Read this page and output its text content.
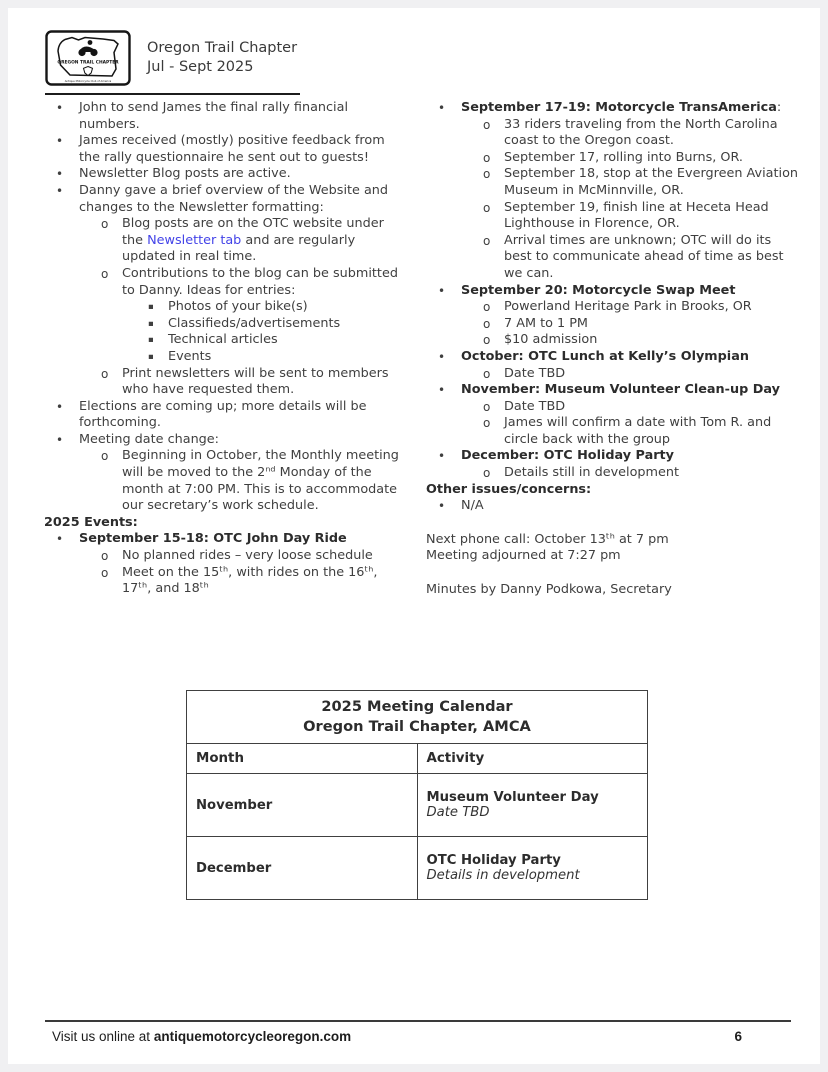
OREGON TRAIL CHAPTER
Antique Motorcycle Club of America
Oregon Trail Chapter
Jul - Sept 2025
•	John to send James the final rally financial numbers.
•	James received (mostly) positive feedback from the rally questionnaire he sent out to guests!
•	Newsletter Blog posts are active.
•	Danny gave a brief overview of the Website and changes to the Newsletter formatting:
o	Blog posts are on the OTC website under the Newsletter tab and are regularly updated in real time.
o	Contributions to the blog can be submitted to Danny. Ideas for entries:
▪	Photos of your bike(s)
▪	Classifieds/advertisements
▪	Technical articles
▪	Events
o	Print newsletters will be sent to members who have requested them.
•	Elections are coming up; more details will be forthcoming.
•	Meeting date change:
o	Beginning in October, the Monthly meeting will be moved to the 2ⁿᵈ Monday of the month at 7:00 PM. This is to accommodate our secretary’s work schedule.
2025 Events:
•	September 15-18: OTC John Day Ride
o	No planned rides – very loose schedule
o	Meet on the 15ᵗʰ, with rides on the 16ᵗʰ, 17ᵗʰ, and 18ᵗʰ
•	September 17-19: Motorcycle TransAmerica:
o	33 riders traveling from the North Carolina coast to the Oregon coast.
o	September 17, rolling into Burns, OR.
o	September 18, stop at the Evergreen Aviation Museum in McMinnville, OR.
o	September 19, finish line at Heceta Head Lighthouse in Florence, OR.
o	Arrival times are unknown; OTC will do its best to communicate ahead of time as best we can.
•	September 20: Motorcycle Swap Meet
o	Powerland Heritage Park in Brooks, OR
o	7 AM to 1 PM
o	$10 admission
•	October: OTC Lunch at Kelly’s Olympian
o	Date TBD
•	November: Museum Volunteer Clean-up Day
o	Date TBD
o	James will confirm a date with Tom R. and circle back with the group
•	December: OTC Holiday Party
o	Details still in development
Other issues/concerns:
•	N/A
Next phone call: October 13ᵗʰ at 7 pm
Meeting adjourned at 7:27 pm
Minutes by Danny Podkowa, Secretary
2025 Meeting Calendar
Oregon Trail Chapter, AMCA	

Month	Activity
November	Museum Volunteer Day
Date TBD

December	OTC Holiday Party
Details in development
Visit us online at antiquemotorcycleoregon.com	6
